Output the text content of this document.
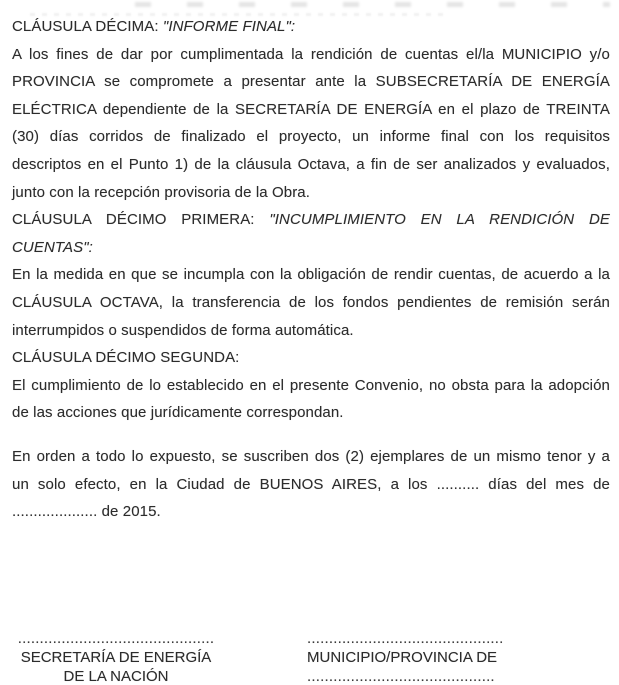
CLÁUSULA DÉCIMA: "INFORME FINAL":
A los fines de dar por cumplimentada la rendición de cuentas el/la MUNICIPIO y/o
PROVINCIA se compromete a presentar ante la SUBSECRETARÍA DE ENERGÍA
ELÉCTRICA dependiente de la SECRETARÍA DE ENERGÍA en el plazo de TREINTA
(30) días corridos de finalizado el proyecto, un informe final con los requisitos
descriptos en el Punto 1) de la cláusula Octava, a fin de ser analizados y evaluados,
junto con la recepción provisoria de la Obra.
CLÁUSULA DÉCIMO PRIMERA: "INCUMPLIMIENTO EN LA RENDICIÓN DE
CUENTAS":
En la medida en que se incumpla con la obligación de rendir cuentas, de acuerdo a la
CLÁUSULA OCTAVA, la transferencia de los fondos pendientes de remisión serán
interrumpidos o suspendidos de forma automática.
CLÁUSULA DÉCIMO SEGUNDA:
El cumplimiento de lo establecido en el presente Convenio, no obsta para la adopción
de las acciones que jurídicamente correspondan.
En orden a todo lo expuesto, se suscriben dos (2) ejemplares de un mismo tenor y a
un solo efecto, en la Ciudad de BUENOS AIRES, a los .......... días del mes de
.................... de 2015.
.............................................
SECRETARÍA DE ENERGÍA
DE LA NACIÓN
.............................................
MUNICIPIO/PROVINCIA DE
...........................................
